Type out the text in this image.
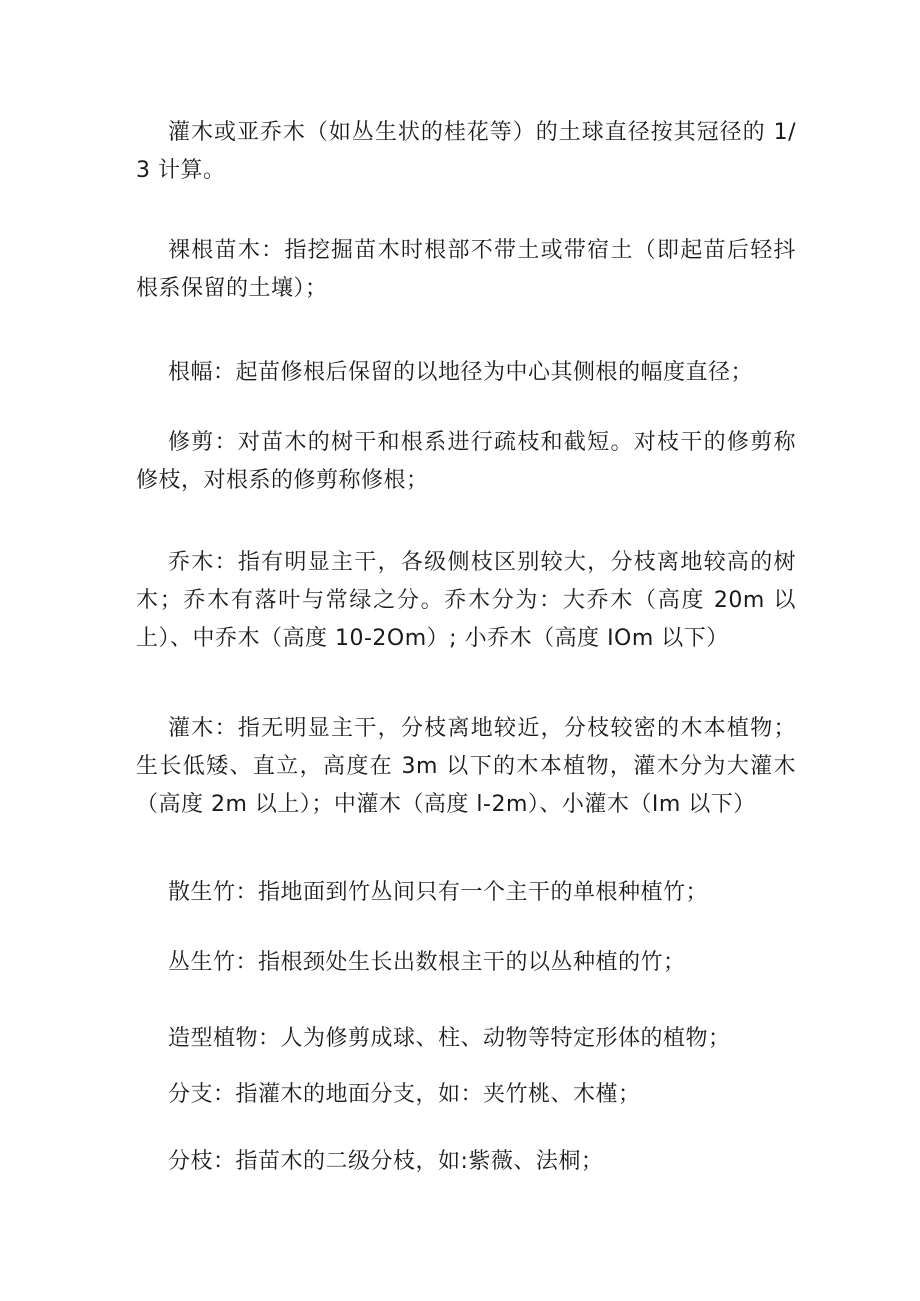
灌木或亚乔木（如丛生状的桂花等）的土球直径按其冠径的 1/3 计算。

裸根苗木：指挖掘苗木时根部不带土或带宿土（即起苗后轻抖根系保留的土壤）；

根幅：起苗修根后保留的以地径为中心其侧根的幅度直径；

修剪：对苗木的树干和根系进行疏枝和截短。对枝干的修剪称修枝，对根系的修剪称修根；

乔木：指有明显主干，各级侧枝区别较大，分枝离地较高的树木；乔木有落叶与常绿之分。乔木分为：大乔木（高度 20m 以上）、中乔木（高度 10-2Om）; 小乔木（高度 IOm 以下）

灌木：指无明显主干，分枝离地较近，分枝较密的木本植物；生长低矮、直立，高度在 3m 以下的木本植物，灌木分为大灌木（高度 2m 以上）；中灌木（高度 l-2m）、小灌木（Im 以下）

散生竹：指地面到竹丛间只有一个主干的单根种植竹；

丛生竹：指根颈处生长出数根主干的以丛种植的竹；

造型植物：人为修剪成球、柱、动物等特定形体的植物；

分支：指灌木的地面分支，如：夹竹桃、木槿；

分枝：指苗木的二级分枝，如:紫薇、法桐；
